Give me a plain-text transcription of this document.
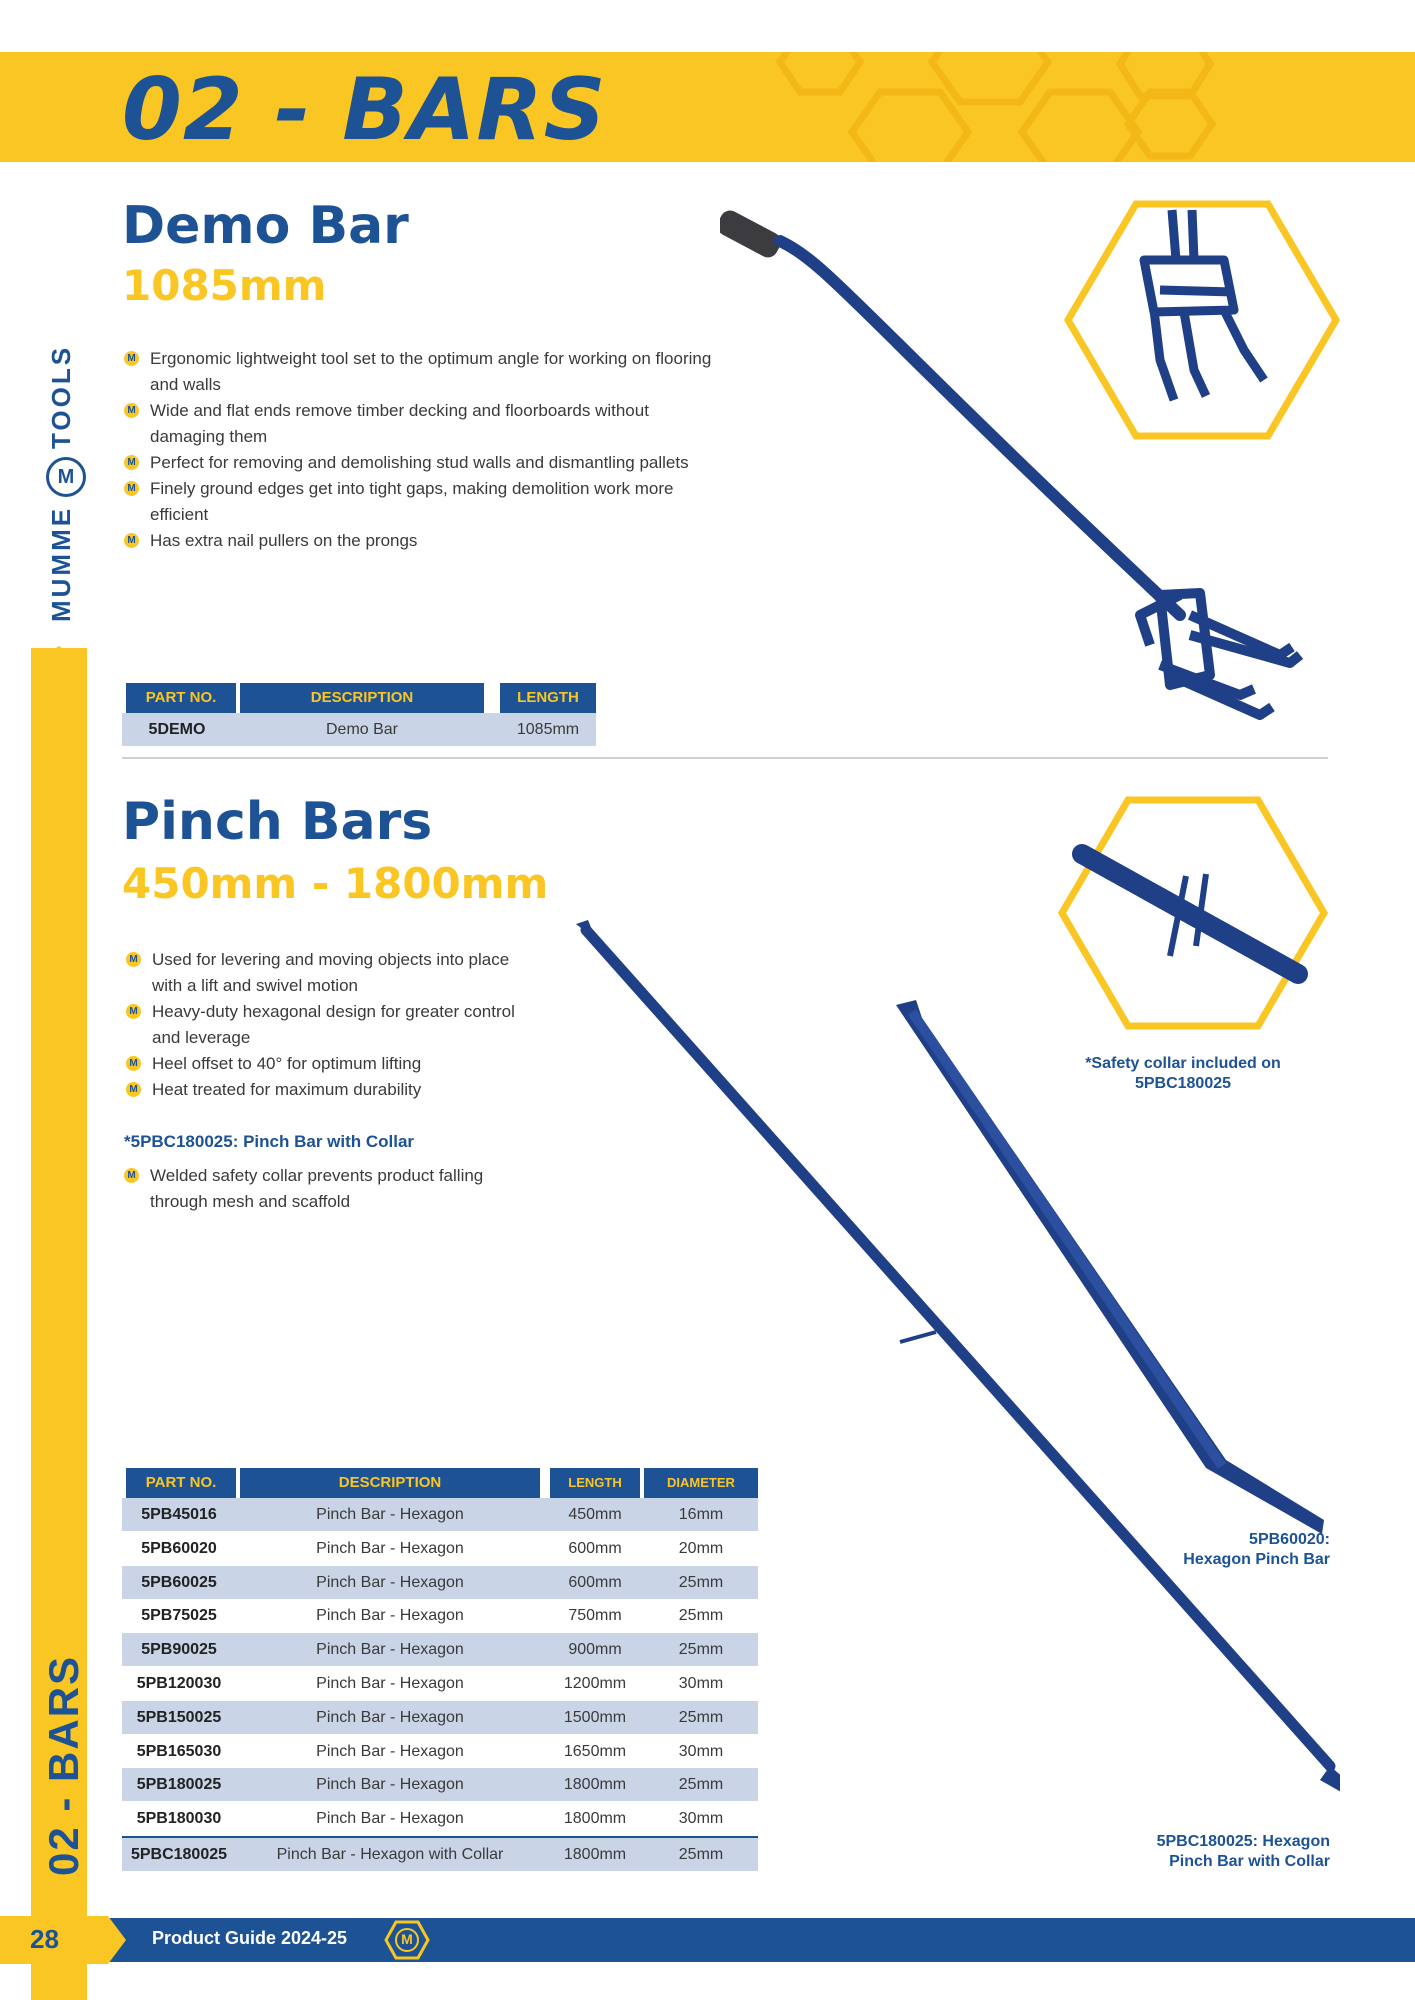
02 - BARS
MUMME M TOOLS
02 - BARS
Demo Bar
1085mm
M Ergonomic lightweight tool set to the optimum angle for working on flooring and walls
M Wide and flat ends remove timber decking and floorboards without damaging them
M Perfect for removing and demolishing stud walls and dismantling pallets
M Finely ground edges get into tight gaps, making demolition work more efficient
M Has extra nail pullers on the prongs
PART NO.	DESCRIPTION	LENGTH
5DEMO	Demo Bar	1085mm
Pinch Bars
450mm - 1800mm
M Used for levering and moving objects into place with a lift and swivel motion
M Heavy-duty hexagonal design for greater control and leverage
M Heel offset to 40° for optimum lifting
M Heat treated for maximum durability
*5PBC180025: Pinch Bar with Collar
M Welded safety collar prevents product falling through mesh and scaffold
PART NO.	DESCRIPTION	LENGTH	DIAMETER
5PB45016	Pinch Bar - Hexagon	450mm	16mm
5PB60020	Pinch Bar - Hexagon	600mm	20mm
5PB60025	Pinch Bar - Hexagon	600mm	25mm
5PB75025	Pinch Bar - Hexagon	750mm	25mm
5PB90025	Pinch Bar - Hexagon	900mm	25mm
5PB120030	Pinch Bar - Hexagon	1200mm	30mm
5PB150025	Pinch Bar - Hexagon	1500mm	25mm
5PB165030	Pinch Bar - Hexagon	1650mm	30mm
5PB180025	Pinch Bar - Hexagon	1800mm	25mm
5PB180030	Pinch Bar - Hexagon	1800mm	30mm
5PBC180025	Pinch Bar - Hexagon with Collar	1800mm	25mm
*Safety collar included on
5PBC180025
5PB60020:
Hexagon Pinch Bar
5PBC180025: Hexagon
Pinch Bar with Collar
28	Product Guide 2024-25	M
